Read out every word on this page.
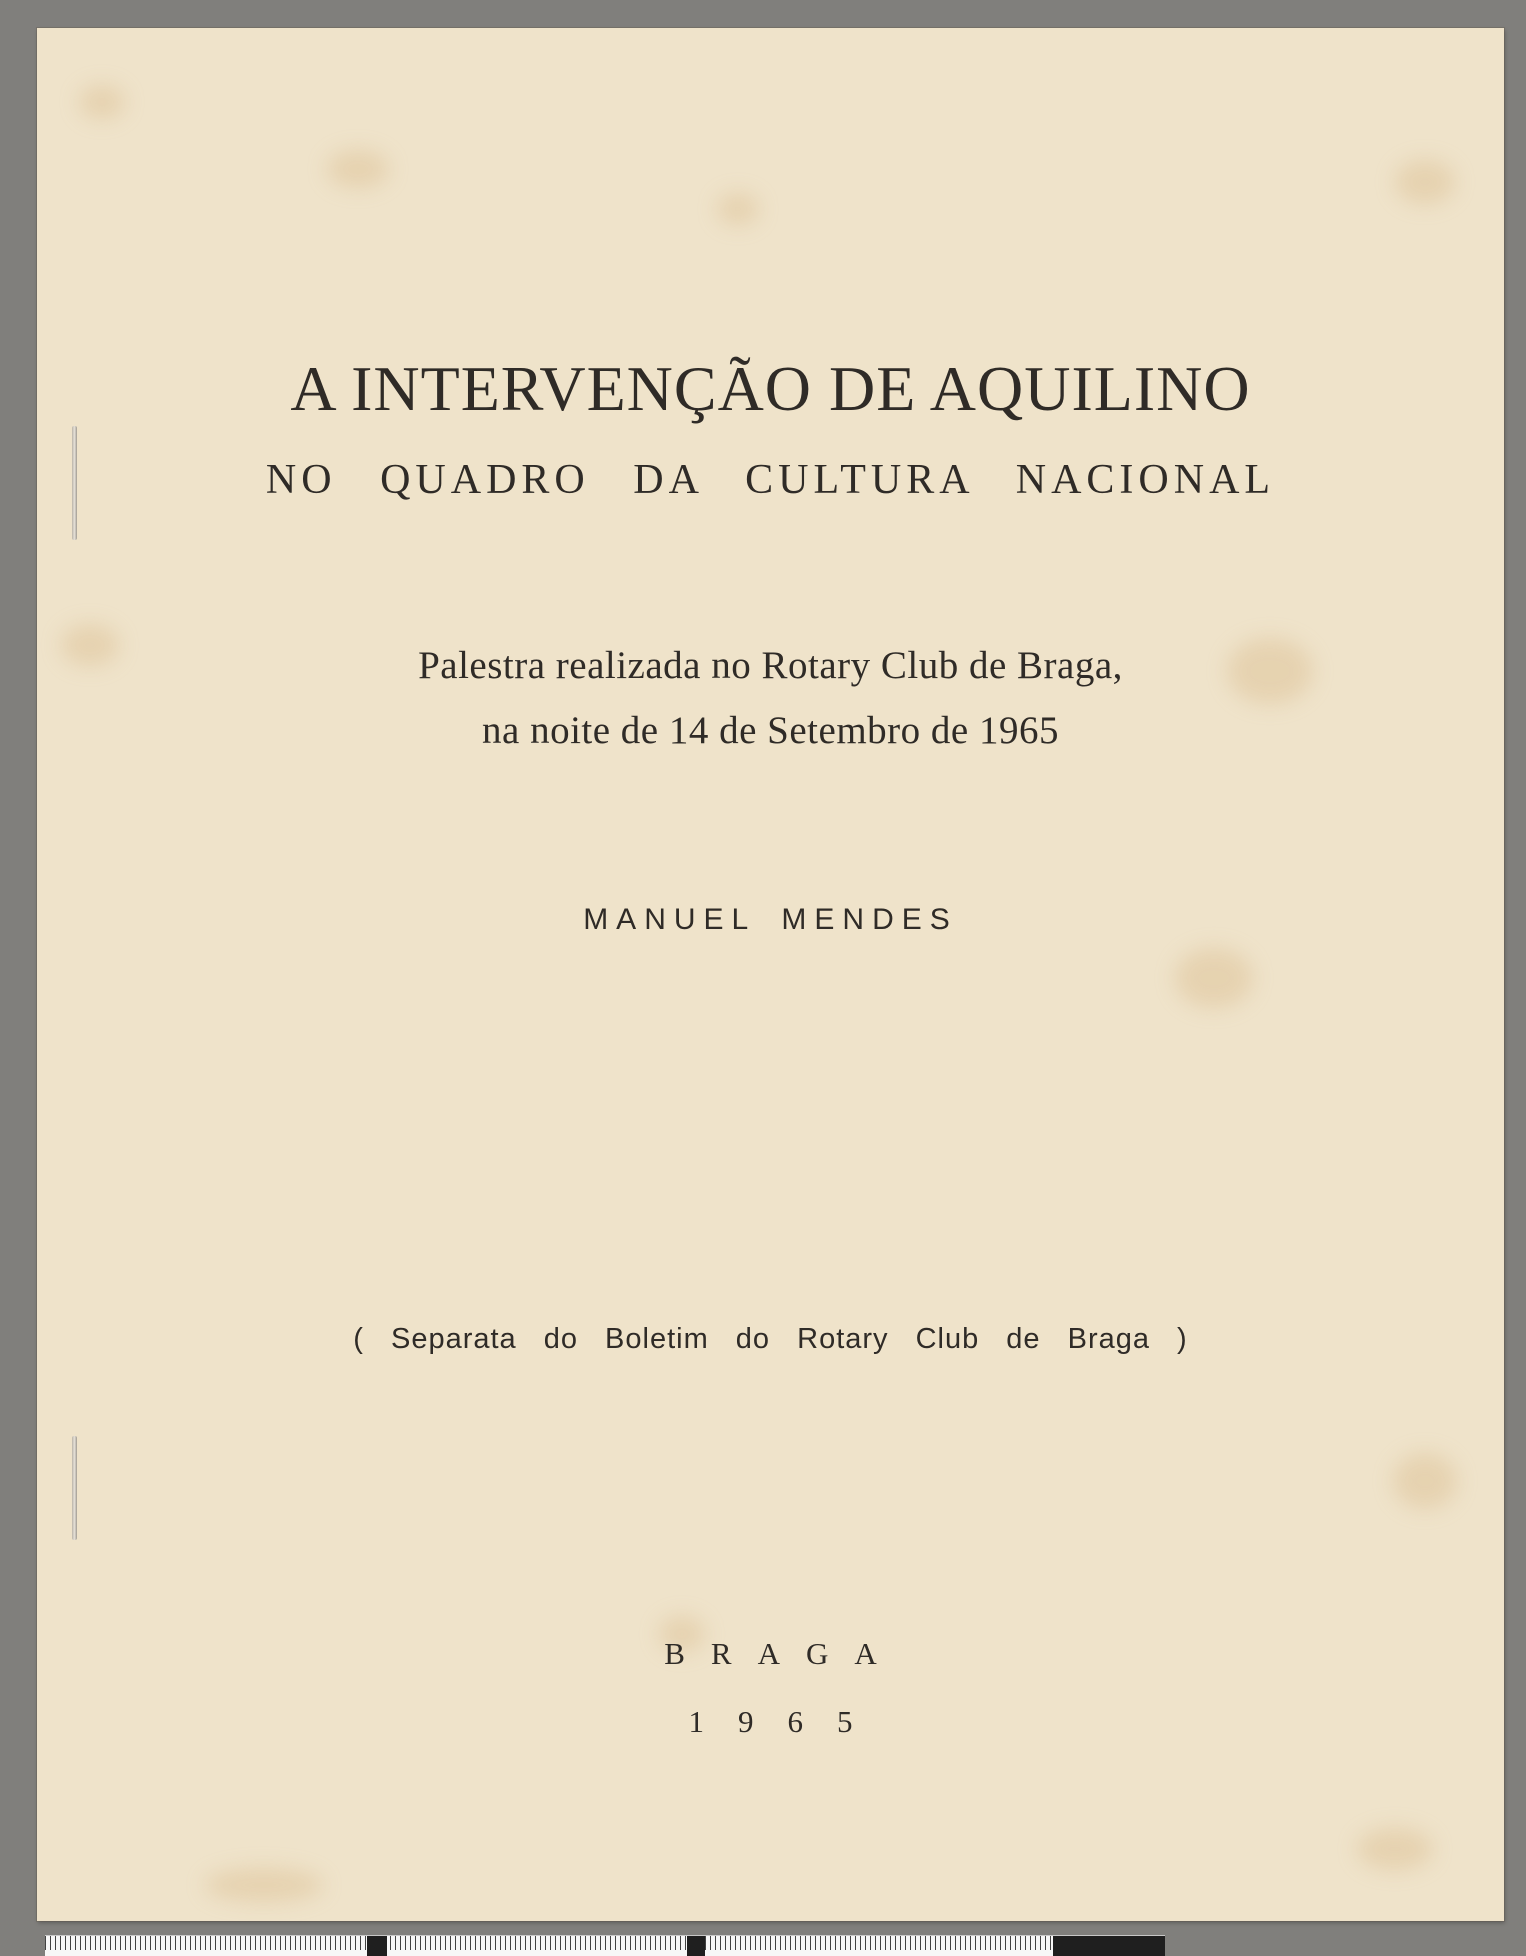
A INTERVENÇÃO DE AQUILINO
NO QUADRO DA CULTURA NACIONAL
Palestra realizada no Rotary Club de Braga,
na noite de 14 de Setembro de 1965
MANUEL MENDES
( Separata do Boletim do Rotary Club de Braga )
BRAGA
1965
